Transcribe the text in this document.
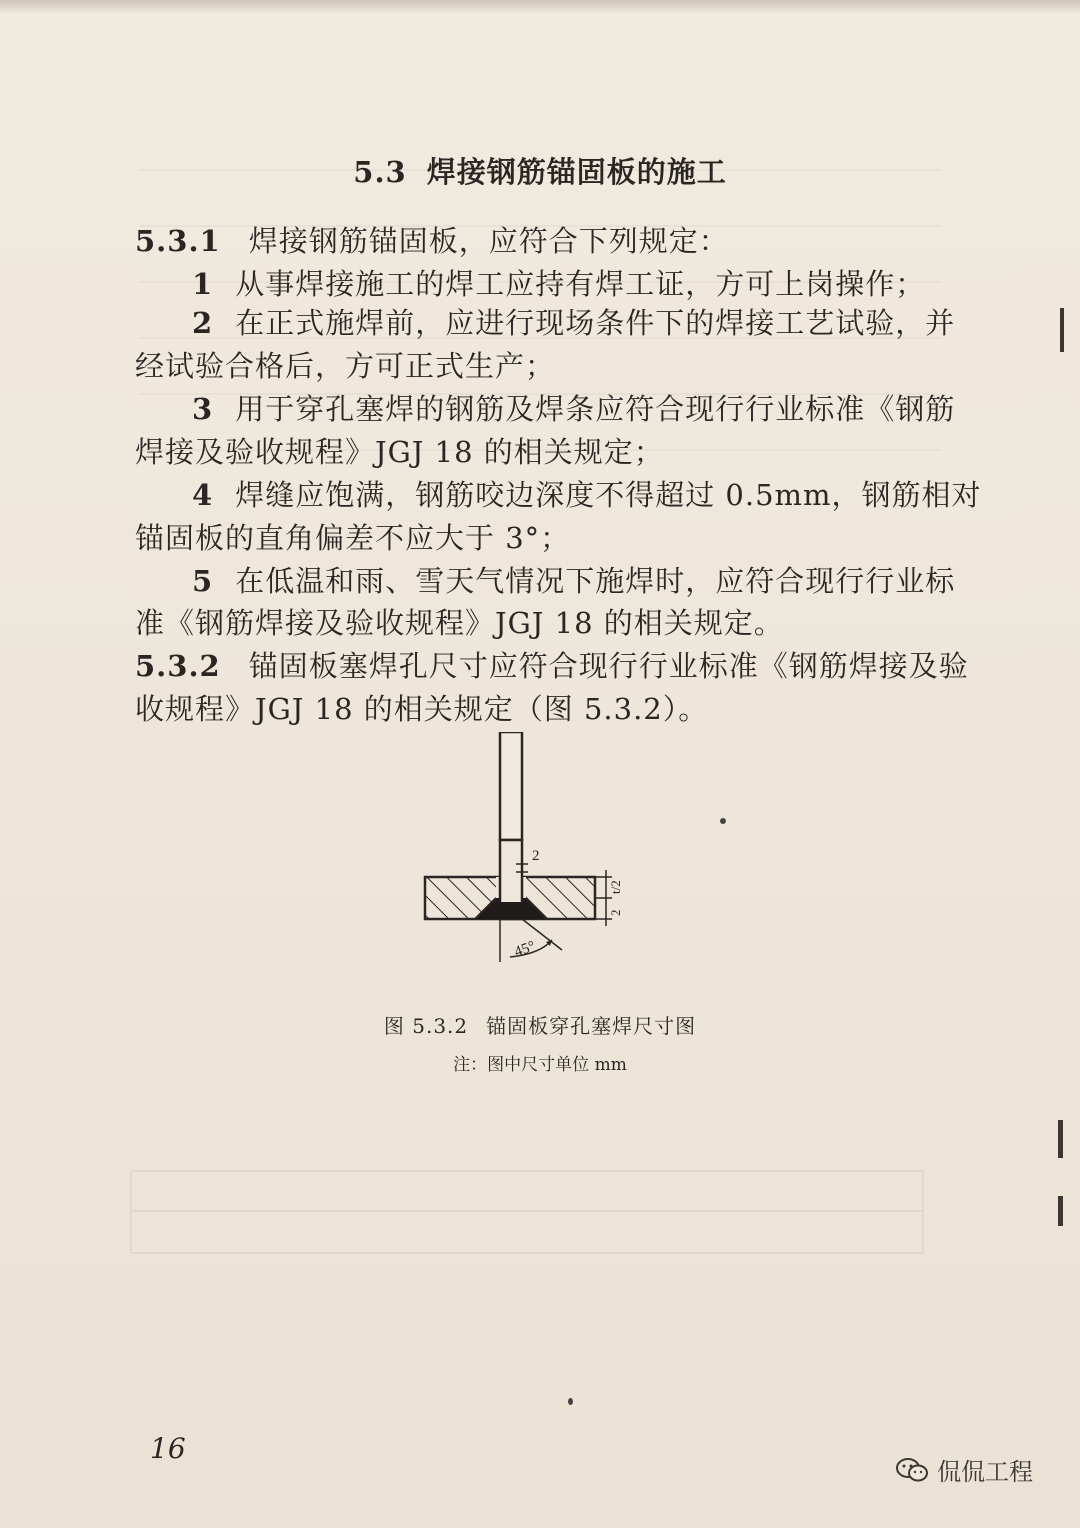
5.3 焊接钢筋锚固板的施工
5.3.1 焊接钢筋锚固板，应符合下列规定：
1 从事焊接施工的焊工应持有焊工证，方可上岗操作；
2 在正式施焊前，应进行现场条件下的焊接工艺试验，并
经试验合格后，方可正式生产；
3 用于穿孔塞焊的钢筋及焊条应符合现行行业标准《钢筋
焊接及验收规程》JGJ 18 的相关规定；
4 焊缝应饱满，钢筋咬边深度不得超过 0.5mm，钢筋相对
锚固板的直角偏差不应大于 3°；
5 在低温和雨、雪天气情况下施焊时，应符合现行行业标
准《钢筋焊接及验收规程》JGJ 18 的相关规定。
5.3.2 锚固板塞焊孔尺寸应符合现行行业标准《钢筋焊接及验
收规程》JGJ 18 的相关规定（图 5.3.2）。
2
t/2
2
45°
图 5.3.2 锚固板穿孔塞焊尺寸图
注：图中尺寸单位 mm
16
侃侃工程
